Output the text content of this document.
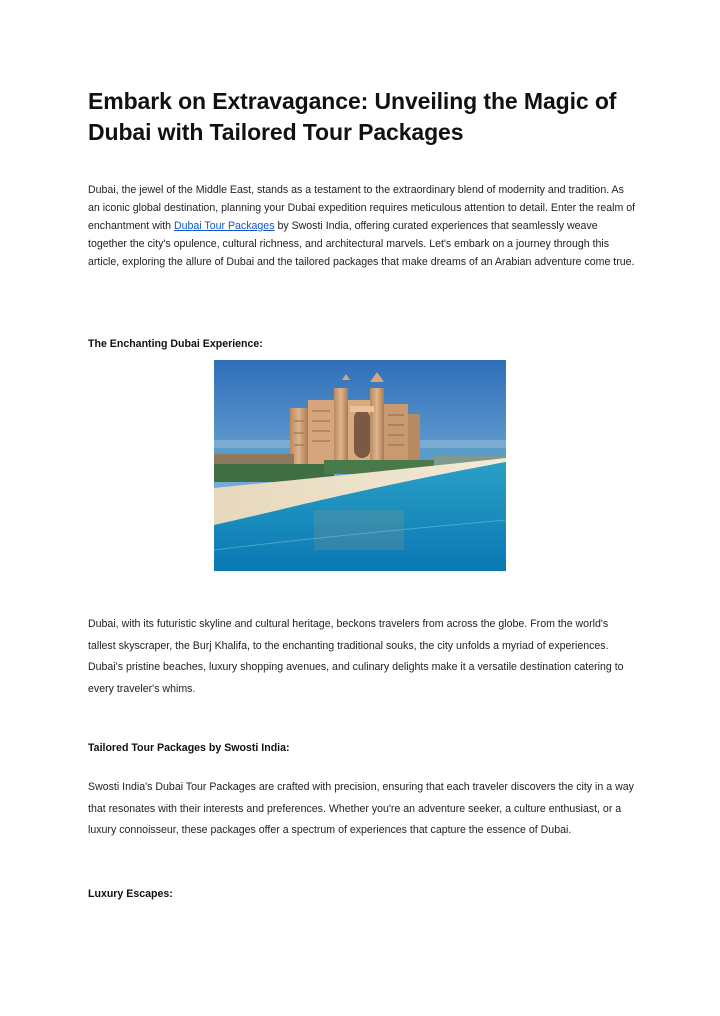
Embark on Extravagance: Unveiling the Magic of Dubai with Tailored Tour Packages

Dubai, the jewel of the Middle East, stands as a testament to the extraordinary blend of modernity and tradition. As an iconic global destination, planning your Dubai expedition requires meticulous attention to detail. Enter the realm of enchantment with Dubai Tour Packages by Swosti India, offering curated experiences that seamlessly weave together the city's opulence, cultural richness, and architectural marvels. Let's embark on a journey through this article, exploring the allure of Dubai and the tailored packages that make dreams of an Arabian adventure come true.

The Enchanting Dubai Experience:

Dubai, with its futuristic skyline and cultural heritage, beckons travelers from across the globe. From the world's tallest skyscraper, the Burj Khalifa, to the enchanting traditional souks, the city unfolds a myriad of experiences. Dubai's pristine beaches, luxury shopping avenues, and culinary delights make it a versatile destination catering to every traveler's whims.

Tailored Tour Packages by Swosti India:

Swosti India's Dubai Tour Packages are crafted with precision, ensuring that each traveler discovers the city in a way that resonates with their interests and preferences. Whether you're an adventure seeker, a culture enthusiast, or a luxury connoisseur, these packages offer a spectrum of experiences that capture the essence of Dubai.

Luxury Escapes:
